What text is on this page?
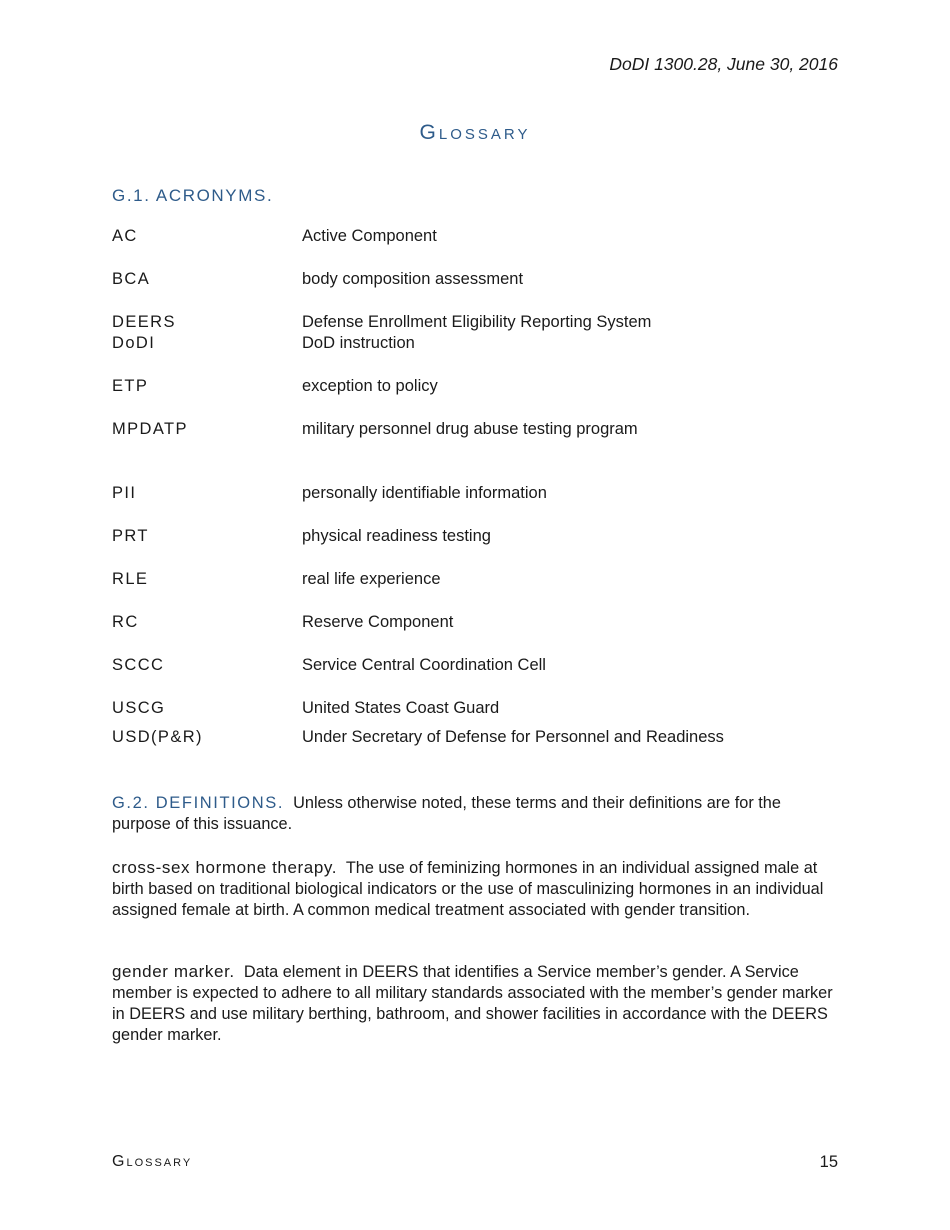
DoDI 1300.28, June 30, 2016
Glossary
G.1. ACRONYMS.
AC	Active Component
BCA	body composition assessment
DEERS	Defense Enrollment Eligibility Reporting System
DoDI	DoD instruction
ETP	exception to policy
MPDATP	military personnel drug abuse testing program
PII	personally identifiable information
PRT	physical readiness testing
RLE	real life experience
RC	Reserve Component
SCCC	Service Central Coordination Cell
USCG	United States Coast Guard
USD(P&R)	Under Secretary of Defense for Personnel and Readiness
G.2. DEFINITIONS. Unless otherwise noted, these terms and their definitions are for the purpose of this issuance.
cross-sex hormone therapy. The use of feminizing hormones in an individual assigned male at birth based on traditional biological indicators or the use of masculinizing hormones in an individual assigned female at birth. A common medical treatment associated with gender transition.
gender marker. Data element in DEERS that identifies a Service member’s gender. A Service member is expected to adhere to all military standards associated with the member’s gender marker in DEERS and use military berthing, bathroom, and shower facilities in accordance with the DEERS gender marker.
Glossary	15
